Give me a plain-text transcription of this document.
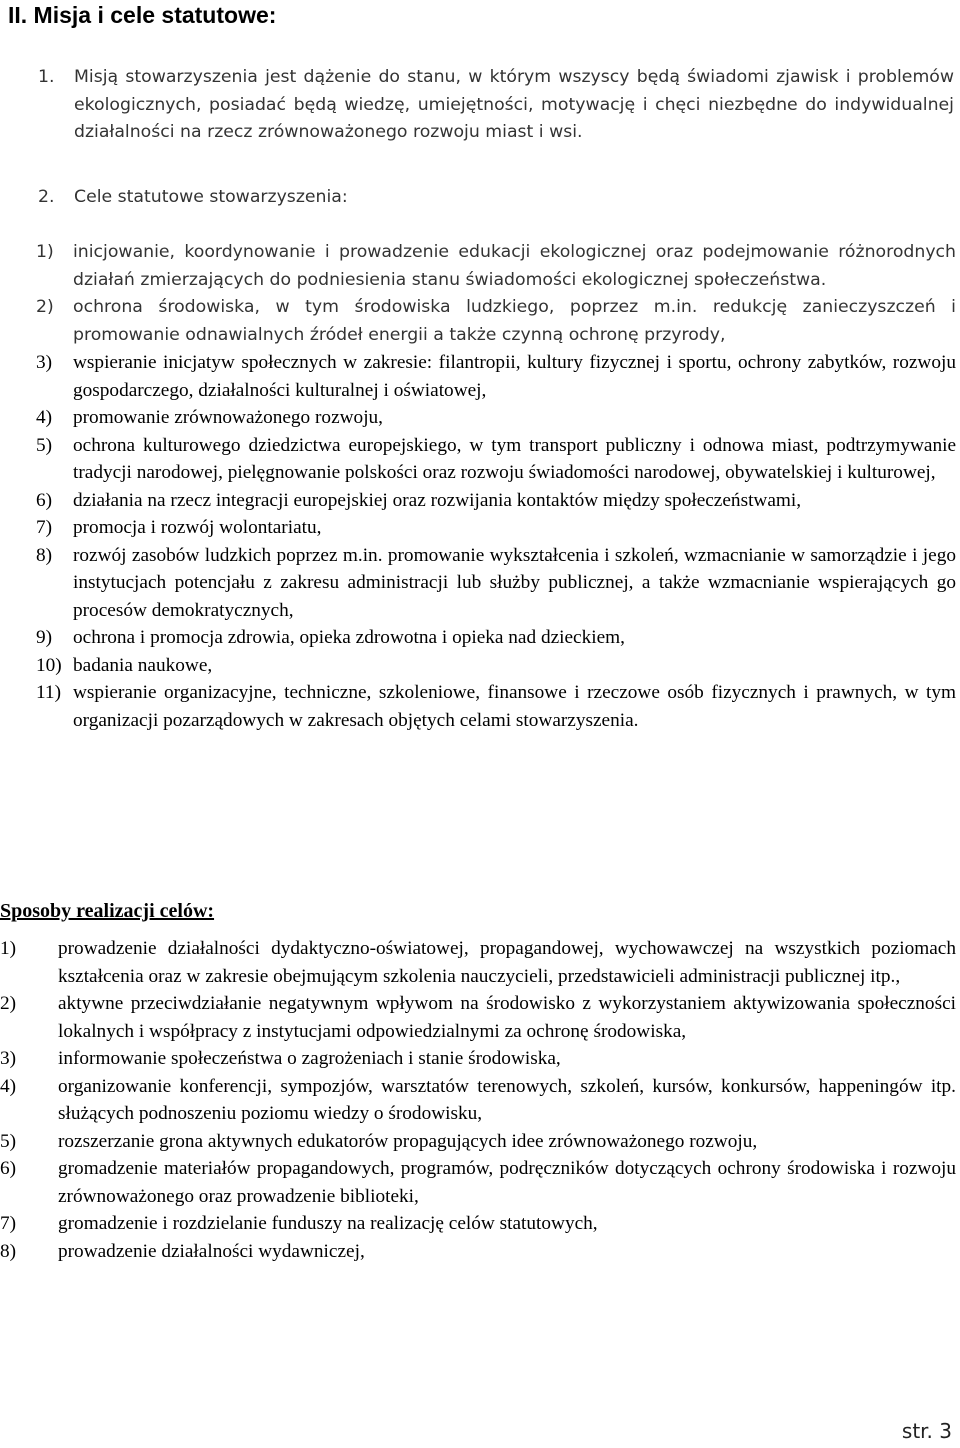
II. Misja i cele statutowe:
1.	Misją stowarzyszenia jest dążenie do stanu, w którym wszyscy będą świadomi zjawisk i problemów ekologicznych, posiadać będą wiedzę, umiejętności, motywację i chęci niezbędne do indywidualnej działalności na rzecz zrównoważonego rozwoju miast i wsi.
2.	Cele statutowe stowarzyszenia:
1)	inicjowanie, koordynowanie i prowadzenie edukacji ekologicznej oraz podejmowanie różnorodnych działań zmierzających do podniesienia stanu świadomości ekologicznej społeczeństwa.
2)	ochrona środowiska, w tym środowiska ludzkiego, poprzez m.in. redukcję zanieczyszczeń i promowanie odnawialnych źródeł energii a także czynną ochronę przyrody,
3)	wspieranie inicjatyw społecznych w zakresie: filantropii, kultury fizycznej i sportu, ochrony zabytków, rozwoju gospodarczego, działalności kulturalnej i oświatowej,
4)	promowanie zrównoważonego rozwoju,
5)	ochrona kulturowego dziedzictwa europejskiego, w tym transport publiczny i odnowa miast, podtrzymywanie tradycji narodowej, pielęgnowanie polskości oraz rozwoju świadomości narodowej, obywatelskiej i kulturowej,
6)	działania na rzecz integracji europejskiej oraz rozwijania kontaktów między społeczeństwami,
7)	promocja i rozwój wolontariatu,
8)	rozwój zasobów ludzkich poprzez m.in. promowanie wykształcenia i szkoleń, wzmacnianie w samorządzie i jego instytucjach potencjału z zakresu administracji lub służby publicznej, a także wzmacnianie wspierających go procesów demokratycznych,
9)	ochrona i promocja zdrowia, opieka zdrowotna i opieka nad dzieckiem,
10) badania naukowe,
11) wspieranie organizacyjne, techniczne, szkoleniowe, finansowe i rzeczowe osób fizycznych i prawnych, w tym organizacji pozarządowych w zakresach objętych celami stowarzyszenia.
Sposoby realizacji celów:
1)	prowadzenie działalności dydaktyczno-oświatowej, propagandowej, wychowawczej na wszystkich poziomach kształcenia oraz w zakresie obejmującym szkolenia nauczycieli, przedstawicieli administracji publicznej itp.,
2)	aktywne przeciwdziałanie negatywnym wpływom na środowisko z wykorzystaniem aktywizowania społeczności lokalnych i współpracy z instytucjami odpowiedzialnymi za ochronę środowiska,
3)	informowanie społeczeństwa o zagrożeniach i stanie środowiska,
4)	organizowanie konferencji, sympozjów, warsztatów terenowych, szkoleń, kursów, konkursów, happeningów itp. służących podnoszeniu poziomu wiedzy o środowisku,
5)	rozszerzanie grona aktywnych edukatorów propagujących idee zrównoważonego rozwoju,
6)	gromadzenie materiałów propagandowych, programów, podręczników dotyczących ochrony środowiska i rozwoju zrównoważonego oraz prowadzenie biblioteki,
7)	gromadzenie i rozdzielanie funduszy na realizację celów statutowych,
8)	prowadzenie działalności wydawniczej,
str. 3
